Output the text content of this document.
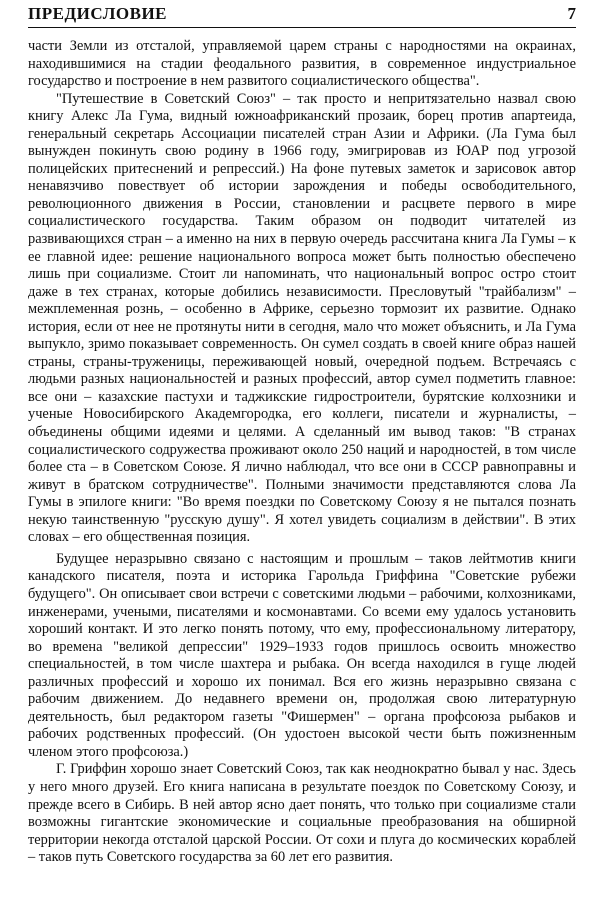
ПРЕДИСЛОВИЕ	7

части Земли из отсталой, управляемой царем страны с народностями на окраинах, находившимися на стадии феодального развития, в современное индустриальное государство и построение в нем развитого социалистического общества".

"Путешествие в Советский Союз" – так просто и непритязательно назвал свою книгу Алекс Ла Гума, видный южноафриканский прозаик, борец против апартеида, генеральный секретарь Ассоциации писателей стран Азии и Африки. (Ла Гума был вынужден покинуть свою родину в 1966 году, эмигрировав из ЮАР под угрозой полицейских притеснений и репрессий.) На фоне путевых заметок и зарисовок автор ненавязчиво повествует об истории зарождения и победы освободительного, революционного движения в России, становлении и расцвете первого в мире социалистического государства. Таким образом он подводит читателей из развивающихся стран – а именно на них в первую очередь рассчитана книга Ла Гумы – к ее главной идее: решение национального вопроса может быть полностью обеспечено лишь при социализме. Стоит ли напоминать, что национальный вопрос остро стоит даже в тех странах, которые добились независимости. Пресловутый "трайбализм" – межплеменная рознь, – особенно в Африке, серьезно тормозит их развитие. Однако история, если от нее не протянуты нити в сегодня, мало что может объяснить, и Ла Гума выпукло, зримо показывает современность. Он сумел создать в своей книге образ нашей страны, страны-труженицы, переживающей новый, очередной подъем. Встречаясь с людьми разных национальностей и разных профессий, автор сумел подметить главное: все они – казахские пастухи и таджикские гидростроители, бурятские колхозники и ученые Новосибирского Академгородка, его коллеги, писатели и журналисты, – объединены общими идеями и целями. А сделанный им вывод таков: "В странах социалистического содружества проживают около 250 наций и народностей, в том числе более ста – в Советском Союзе. Я лично наблюдал, что все они в СССР равноправны и живут в братском сотрудничестве". Полными значимости представляются слова Ла Гумы в эпилоге книги: "Во время поездки по Советскому Союзу я не пытался познать некую таинственную "русскую душу". Я хотел увидеть социализм в действии". В этих словах – его общественная позиция.

Будущее неразрывно связано с настоящим и прошлым – таков лейтмотив книги канадского писателя, поэта и историка Гарольда Гриффина "Советские рубежи будущего". Он описывает свои встречи с советскими людьми – рабочими, колхозниками, инженерами, учеными, писателями и космонавтами. Со всеми ему удалось установить хороший контакт. И это легко понять потому, что ему, профессиональному литератору, во времена "великой депрессии" 1929–1933 годов пришлось освоить множество специальностей, в том числе шахтера и рыбака. Он всегда находился в гуще людей различных профессий и хорошо их понимал. Вся его жизнь неразрывно связана с рабочим движением. До недавнего времени он, продолжая свою литературную деятельность, был редактором газеты "Фишермен" – органа профсоюза рыбаков и рабочих родственных профессий. (Он удостоен высокой чести быть пожизненным членом этого профсоюза.)

Г. Гриффин хорошо знает Советский Союз, так как неоднократно бывал у нас. Здесь у него много друзей. Его книга написана в результате поездок по Советскому Союзу, и прежде всего в Сибирь. В ней автор ясно дает понять, что только при социализме стали возможны гигантские экономические и социальные преобразования на обширной территории некогда отсталой царской России. От сохи и плуга до космических кораблей – таков путь Советского государства за 60 лет его развития.
